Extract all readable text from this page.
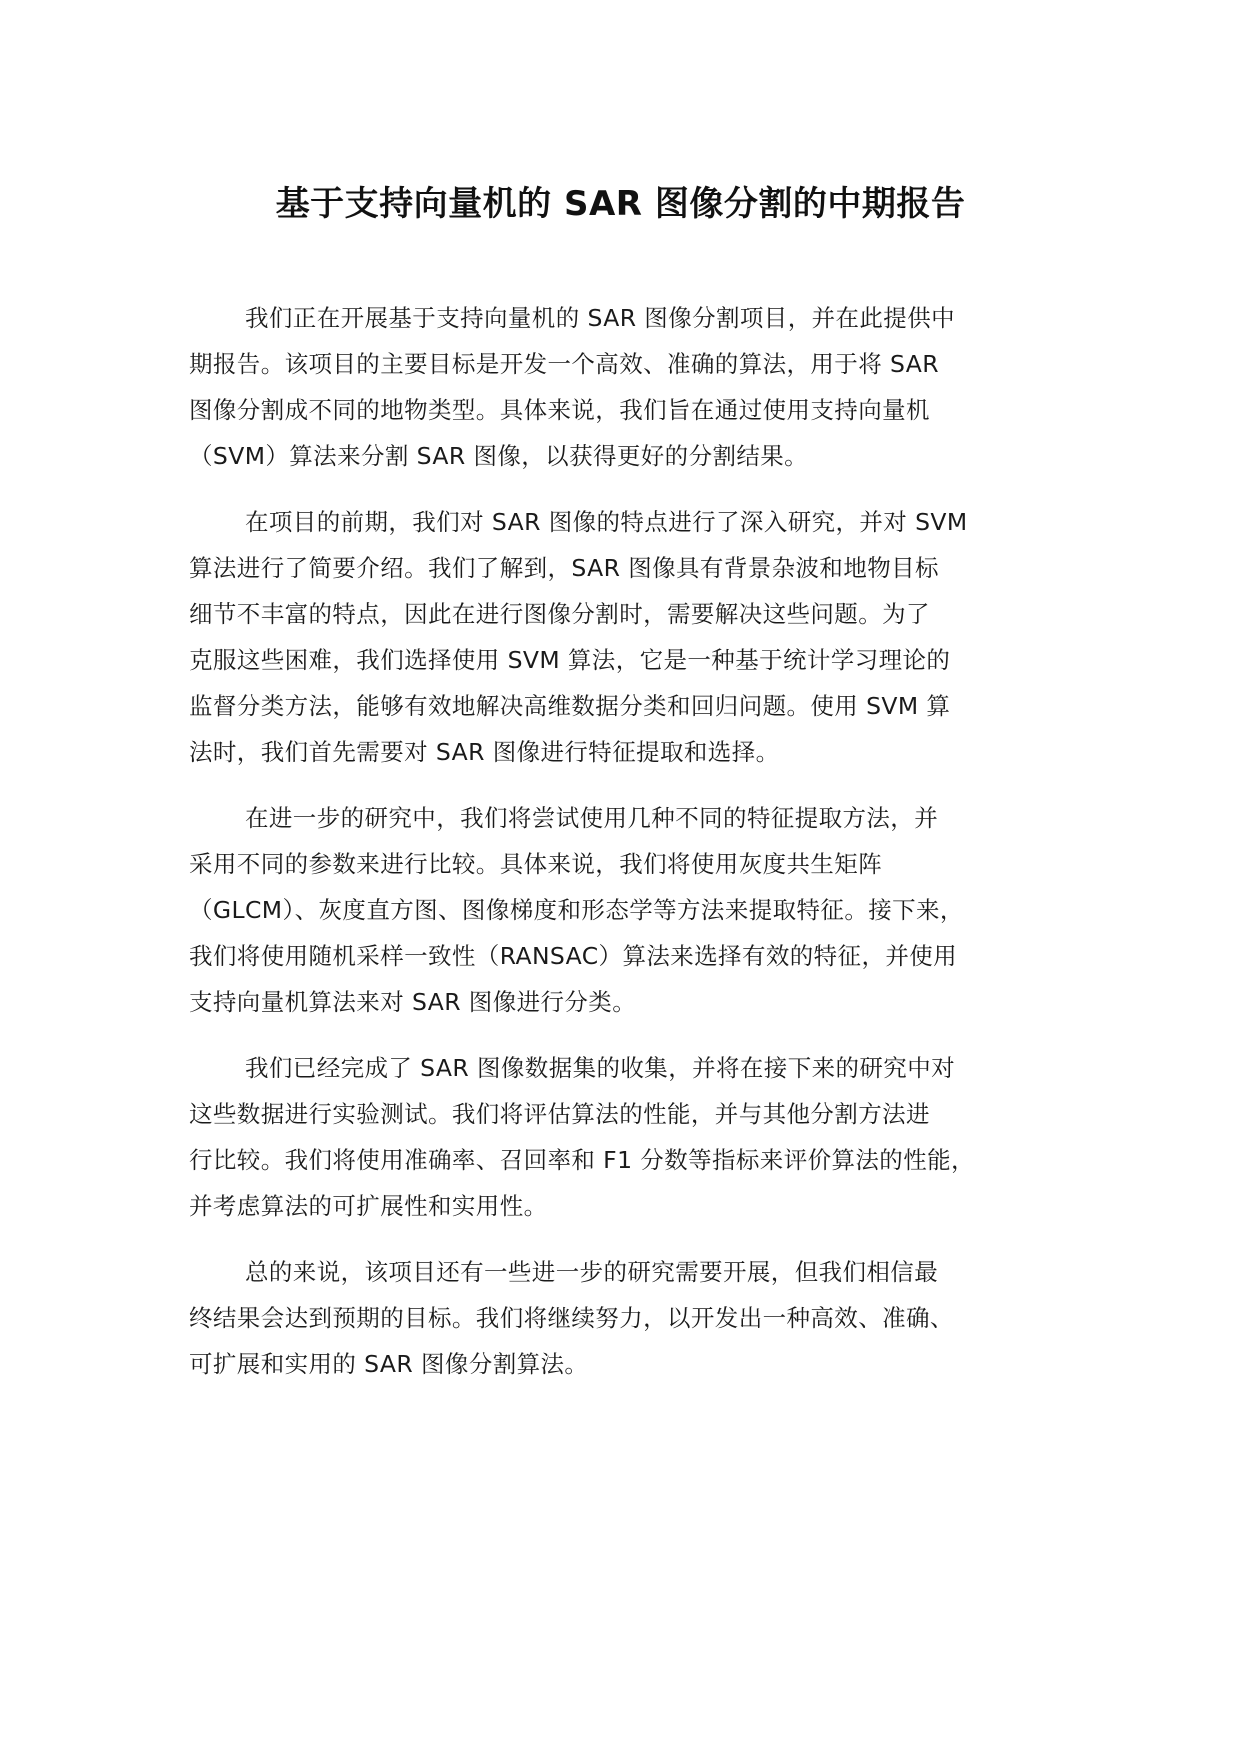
基于支持向量机的 SAR 图像分割的中期报告

我们正在开展基于支持向量机的 SAR 图像分割项目，并在此提供中
期报告。该项目的主要目标是开发一个高效、准确的算法，用于将 SAR
图像分割成不同的地物类型。具体来说，我们旨在通过使用支持向量机
（SVM）算法来分割 SAR 图像，以获得更好的分割结果。

在项目的前期，我们对 SAR 图像的特点进行了深入研究，并对 SVM
算法进行了简要介绍。我们了解到，SAR 图像具有背景杂波和地物目标
细节不丰富的特点，因此在进行图像分割时，需要解决这些问题。为了
克服这些困难，我们选择使用 SVM 算法，它是一种基于统计学习理论的
监督分类方法，能够有效地解决高维数据分类和回归问题。使用 SVM 算
法时，我们首先需要对 SAR 图像进行特征提取和选择。

在进一步的研究中，我们将尝试使用几种不同的特征提取方法，并
采用不同的参数来进行比较。具体来说，我们将使用灰度共生矩阵
（GLCM）、灰度直方图、图像梯度和形态学等方法来提取特征。接下来，
我们将使用随机采样一致性（RANSAC）算法来选择有效的特征，并使用
支持向量机算法来对 SAR 图像进行分类。

我们已经完成了 SAR 图像数据集的收集，并将在接下来的研究中对
这些数据进行实验测试。我们将评估算法的性能，并与其他分割方法进
行比较。我们将使用准确率、召回率和 F1 分数等指标来评价算法的性能，
并考虑算法的可扩展性和实用性。

总的来说，该项目还有一些进一步的研究需要开展，但我们相信最
终结果会达到预期的目标。我们将继续努力，以开发出一种高效、准确、
可扩展和实用的 SAR 图像分割算法。
